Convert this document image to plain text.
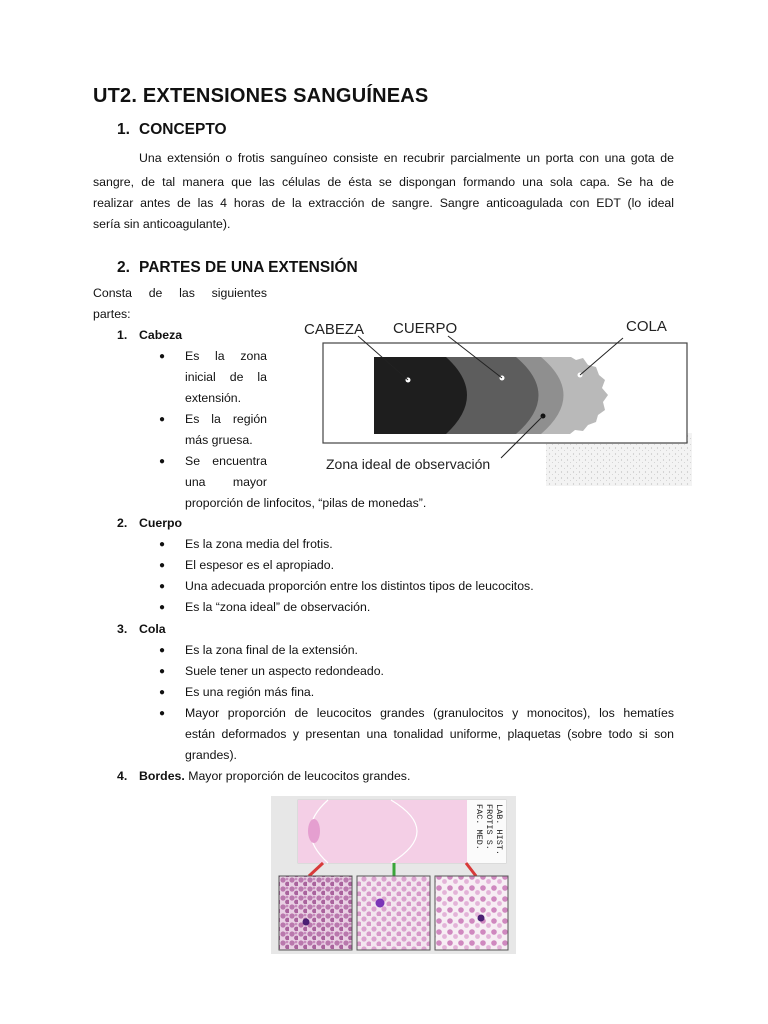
UT2. EXTENSIONES SANGUÍNEAS
1. CONCEPTO
Una extensión o frotis sanguíneo consiste en recubrir parcialmente un porta con una gota de
sangre, de tal manera que las células de ésta se dispongan formando una sola capa. Se ha de
realizar antes de las 4 horas de la extracción de sangre. Sangre anticoagulada con EDT (lo ideal
sería sin anticoagulante).
2. PARTES DE UNA EXTENSIÓN
Consta de las siguientes
partes:
1. Cabeza
● Es la zona
inicial de la
extensión.
● Es la región
más gruesa.
● Se encuentra
una mayor
proporción de linfocitos, “pilas de monedas”.
CABEZA CUERPO	COLA
Zona ideal de observación
2. Cuerpo
● Es la zona media del frotis.
● El espesor es el apropiado.
● Una adecuada proporción entre los distintos tipos de leucocitos.
● Es la “zona ideal” de observación.
3. Cola
● Es la zona final de la extensión.
● Suele tener un aspecto redondeado.
● Es una región más fina.
● Mayor proporción de leucocitos grandes (granulocitos y monocitos), los hematíes
están deformados y presentan una tonalidad uniforme, plaquetas (sobre todo si son
grandes).
4. Bordes. Mayor proporción de leucocitos grandes.
FAC. MED. FROTIS S. LAB. HIST.
